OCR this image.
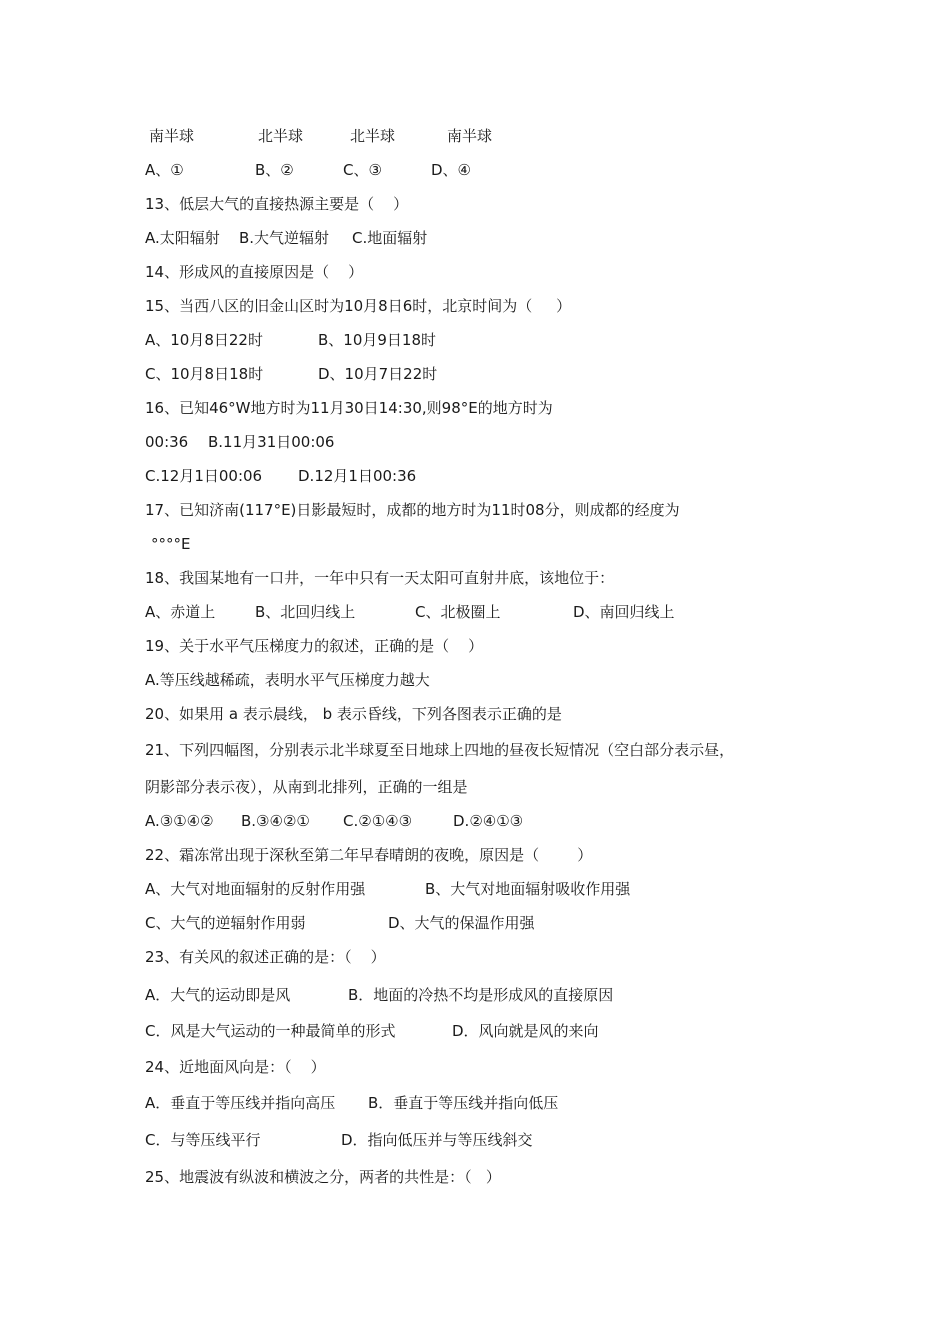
南半球

	北半球

	北半球

	南半球

A、①

	B、②

	C、③

	D、④

13、低层大气的直接热源主要是（    ）

A.太阳辐射

B.大气逆辐射

C.地面辐射

14、形成风的直接原因是（    ）
15、当西八区的旧金山区时为10月8日6时，北京时间为（     ）

A、10月8日22时

	B、10月9日18时

C、10月8日18时

	D、10月7日22时

16、已知46°W地方时为11月30日14:30,则98°E的地方时为

00:36

B.11月31日00:06

C.12月1日00:06

D.12月1日00:36

17、已知济南(117°E)日影最短时，成都的地方时为11时08分，则成都的经度为
°°°°E
18、我国某地有一口井，一年中只有一天太阳可直射井底，该地位于：

A、赤道上

	B、北回归线上

	C、北极圈上

	D、南回归线上

19、关于水平气压梯度力的叙述，正确的是（    ）
A.等压线越稀疏，表明水平气压梯度力越大
20、如果用 a 表示晨线， b 表示昏线，下列各图表示正确的是
21、下列四幅图，分别表示北半球夏至日地球上四地的昼夜长短情况（空白部分表示昼，
阴影部分表示夜），从南到北排列，正确的一组是

A.③①④②

B.③④②①

C.②①④③

	D.②④①③

22、霜冻常出现于深秋至第二年早春晴朗的夜晚，原因是（        ）

A、大气对地面辐射的反射作用强

	B、大气对地面辐射吸收作用强

C、大气的逆辐射作用弱

	D、大气的保温作用强

23、有关风的叙述正确的是：（    ）

A．大气的运动即是风

	B．地面的冷热不均是形成风的直接原因

C．风是大气运动的一种最简单的形式

	D．风向就是风的来向

24、近地面风向是：（    ）

A．垂直于等压线并指向高压

B．垂直于等压线并指向低压

C．与等压线平行

	D．指向低压并与等压线斜交

25、地震波有纵波和横波之分，两者的共性是：（   ）
